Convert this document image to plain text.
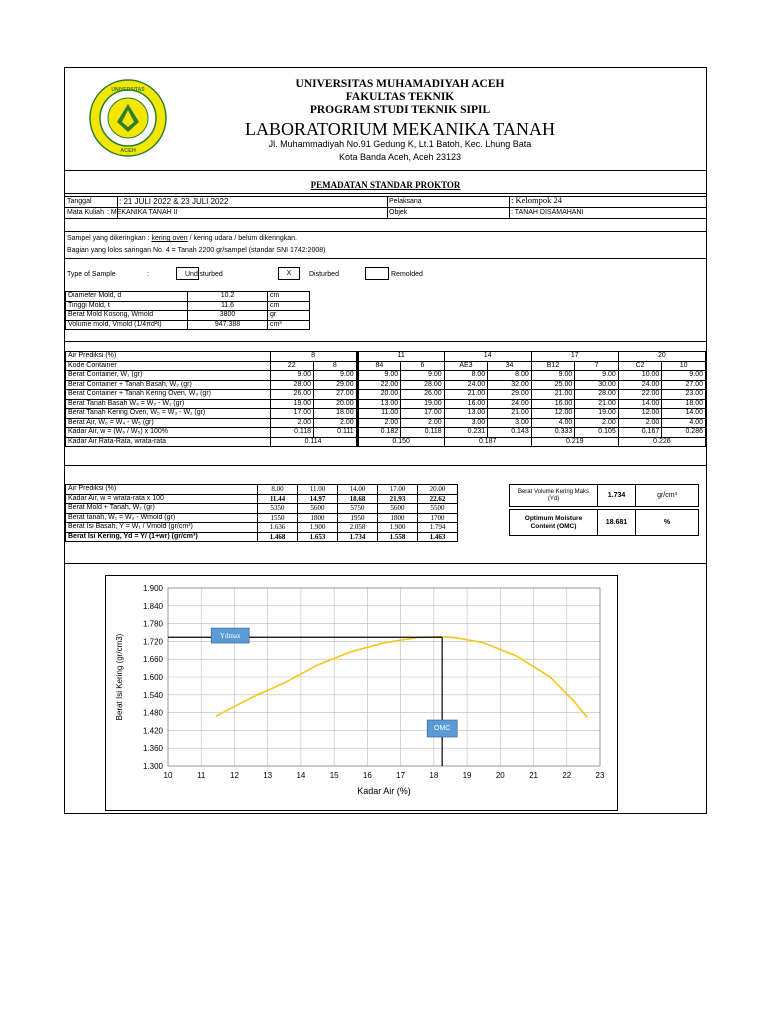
UNIVERSITAS
ACEH
UNIVERSITAS MUHAMADIYAH ACEH
FAKULTAS TEKNIK
PROGRAM STUDI TEKNIK SIPIL
LABORATORIUM MEKANIKA TANAH
Jl. Muhammadiyah No.91 Gedung K, Lt.1 Batoh, Kec. Lhung Bata
Kota Banda Aceh, Aceh 23123
PEMADATAN STANDAR PROKTOR
Tanggal	: 21 JULI 2022 & 23 JULI 2022	Pelaksana	: Kelompok 24
Mata Kuliah : MEKANIKA TANAH II	Objek	: TANAH DISAMAHANI
Sampel yang dikeringkan : kering oven / kering udara / belum dikeringkan.
Bagian yang lolos saringan No. 4 = Tanah 2200 gr/sampel (standar SNI 1742:2008)
Type of Sample	:	Undisturbed	X	Disturbed	Remolded
Diameter Mold, d	10.2	cm
Tinggi Mold, t	11.6	cm
Berat Mold Kosong, Wmold	3800	gr
Volume mold, Vmold (1/4πd²t)	947.388	cm³
Air Prediksi (%)	8		11		14		17		20	
Kode Container	22	8	84	6	AE3	34	B12	7	C2	10
Berat Container, W₁ (gr)	9.00	9.00	9.00	9.00	8.00	8.00	9.00	9.00	10.00	9.00
Berat Container + Tanah Basah, W₂ (gr)	28.00	29.00	22.00	28.00	24.00	32.00	25.00	30.00	24.00	27.00
Berat Container + Tanah Kering Oven, W₃ (gr)	26.00	27.00	20.00	26.00	21.00	29.00	21.00	28.00	22.00	23.00
Berat Tanah Basah W₄ = W₂ - W₁ (gr)	19.00	20.00	13.00	19.00	16.00	24.00	16.00	21.00	14.00	18.00
Berat Tanah Kering Oven, W₅ = W₃ - W₁ (gr)	17.00	18.00	11.00	17.00	13.00	21.00	12.00	19.00	12.00	14.00
Berat Air, W₆ = W₄ - W₅ (gr)	2.00	2.00	2.00	2.00	3.00	3.00	4.00	2.00	2.00	4.00
Kadar Air, w = (W₆ / W₅) x 100%	0.118	0.111	0.182	0.118	0.231	0.143	0.333	0.105	0.167	0.286
Kadar Air Rata-Rata, wrata-rata	0.114		0.150		0.187		0.219		0.226	
Air Prediksi (%)	8.00	11.00	14.00	17.00	20.00
Kadar Air, w = wrata-rata x 100	11.44	14.97	18.68	21.93	22.62
Berat Mold + Tanah, W₂ (gr)	5350	5600	5750	5600	5500
Berat tanah, W₁ = W₂ - Wmold (gr)	1550	1800	1950	1800	1700
Berat Isi Basah, Y = W₁ / Vmold (gr/cm³)	1.636	1.900	2.058	1.900	1.794
Berat Isi Kering, Yd = Y/ (1+wr) (gr/cm³)	1.468	1.653	1.734	1.558	1.463
Berat Volume Kering Maks (Yd)	1.734	gr/cm³

Optimum Moisture Content (OMC)	18.681	%
10	11	12	13	14	15	16	17	18	19	20	21	22	23
1.300
1.360
1.420
1.480
1.540
1.600
1.660
1.720
1.780
1.840
1.900
Ydmax
OMC
Kadar Air (%)
Berat Isi Kering (gr/cm3)
